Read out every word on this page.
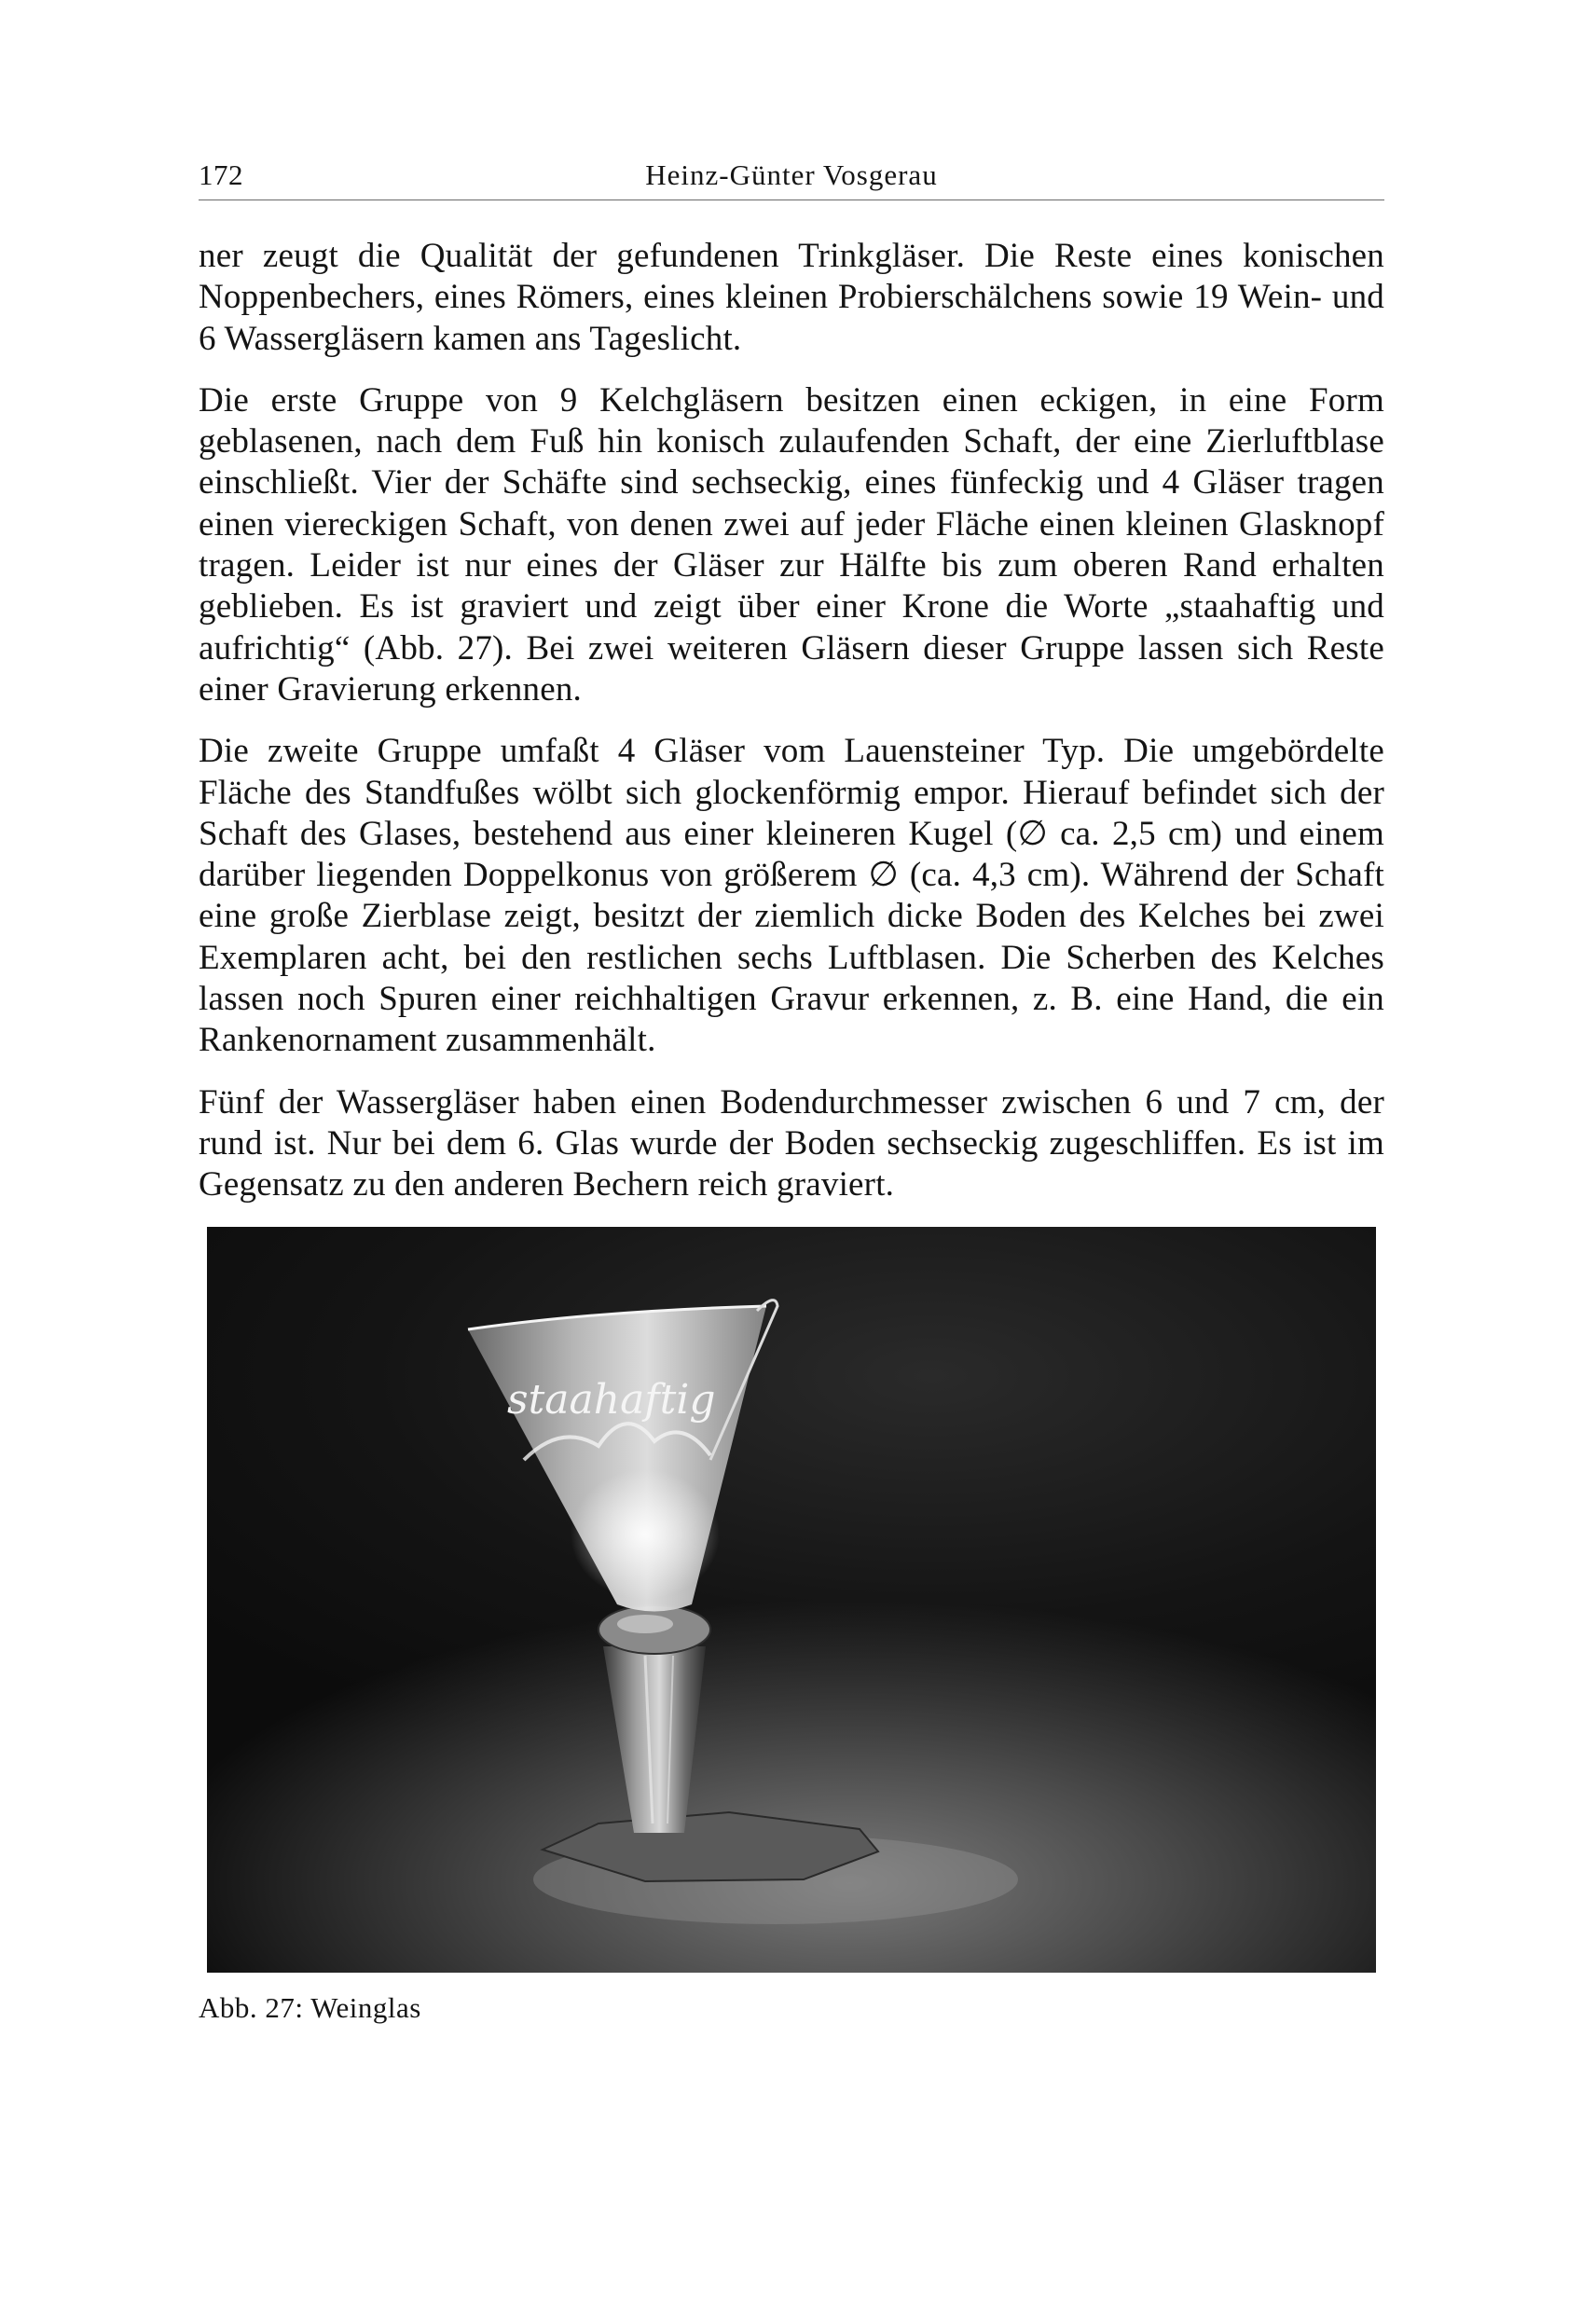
172	Heinz-Günter Vosgerau

ner zeugt die Qualität der gefundenen Trinkgläser. Die Reste eines konischen Noppenbechers, eines Römers, eines kleinen Probierschälchens sowie 19 Wein- und 6 Wassergläsern kamen ans Tageslicht.

Die erste Gruppe von 9 Kelchgläsern besitzen einen eckigen, in eine Form geblasenen, nach dem Fuß hin konisch zulaufenden Schaft, der eine Zierluftblase einschließt. Vier der Schäfte sind sechseckig, eines fünfeckig und 4 Gläser tragen einen viereckigen Schaft, von denen zwei auf jeder Fläche einen kleinen Glasknopf tragen. Leider ist nur eines der Gläser zur Hälfte bis zum oberen Rand erhalten geblieben. Es ist graviert und zeigt über einer Krone die Worte „staahaftig und aufrichtig“ (Abb. 27). Bei zwei weiteren Gläsern dieser Gruppe lassen sich Reste einer Gravierung erkennen.

Die zweite Gruppe umfaßt 4 Gläser vom Lauensteiner Typ. Die umgebördelte Fläche des Standfußes wölbt sich glockenförmig empor. Hierauf befindet sich der Schaft des Glases, bestehend aus einer kleineren Kugel (∅ ca. 2,5 cm) und einem darüber liegenden Doppelkonus von größerem ∅ (ca. 4,3 cm). Während der Schaft eine große Zierblase zeigt, besitzt der ziemlich dicke Boden des Kelches bei zwei Exemplaren acht, bei den restlichen sechs Luftblasen. Die Scherben des Kelches lassen noch Spuren einer reichhaltigen Gravur erkennen, z. B. eine Hand, die ein Rankenornament zusammenhält.

Fünf der Wassergläser haben einen Bodendurchmesser zwischen 6 und 7 cm, der rund ist. Nur bei dem 6. Glas wurde der Boden sechseckig zugeschliffen. Es ist im Gegensatz zu den anderen Bechern reich graviert.

staahaftig
Abb. 27: Weinglas
